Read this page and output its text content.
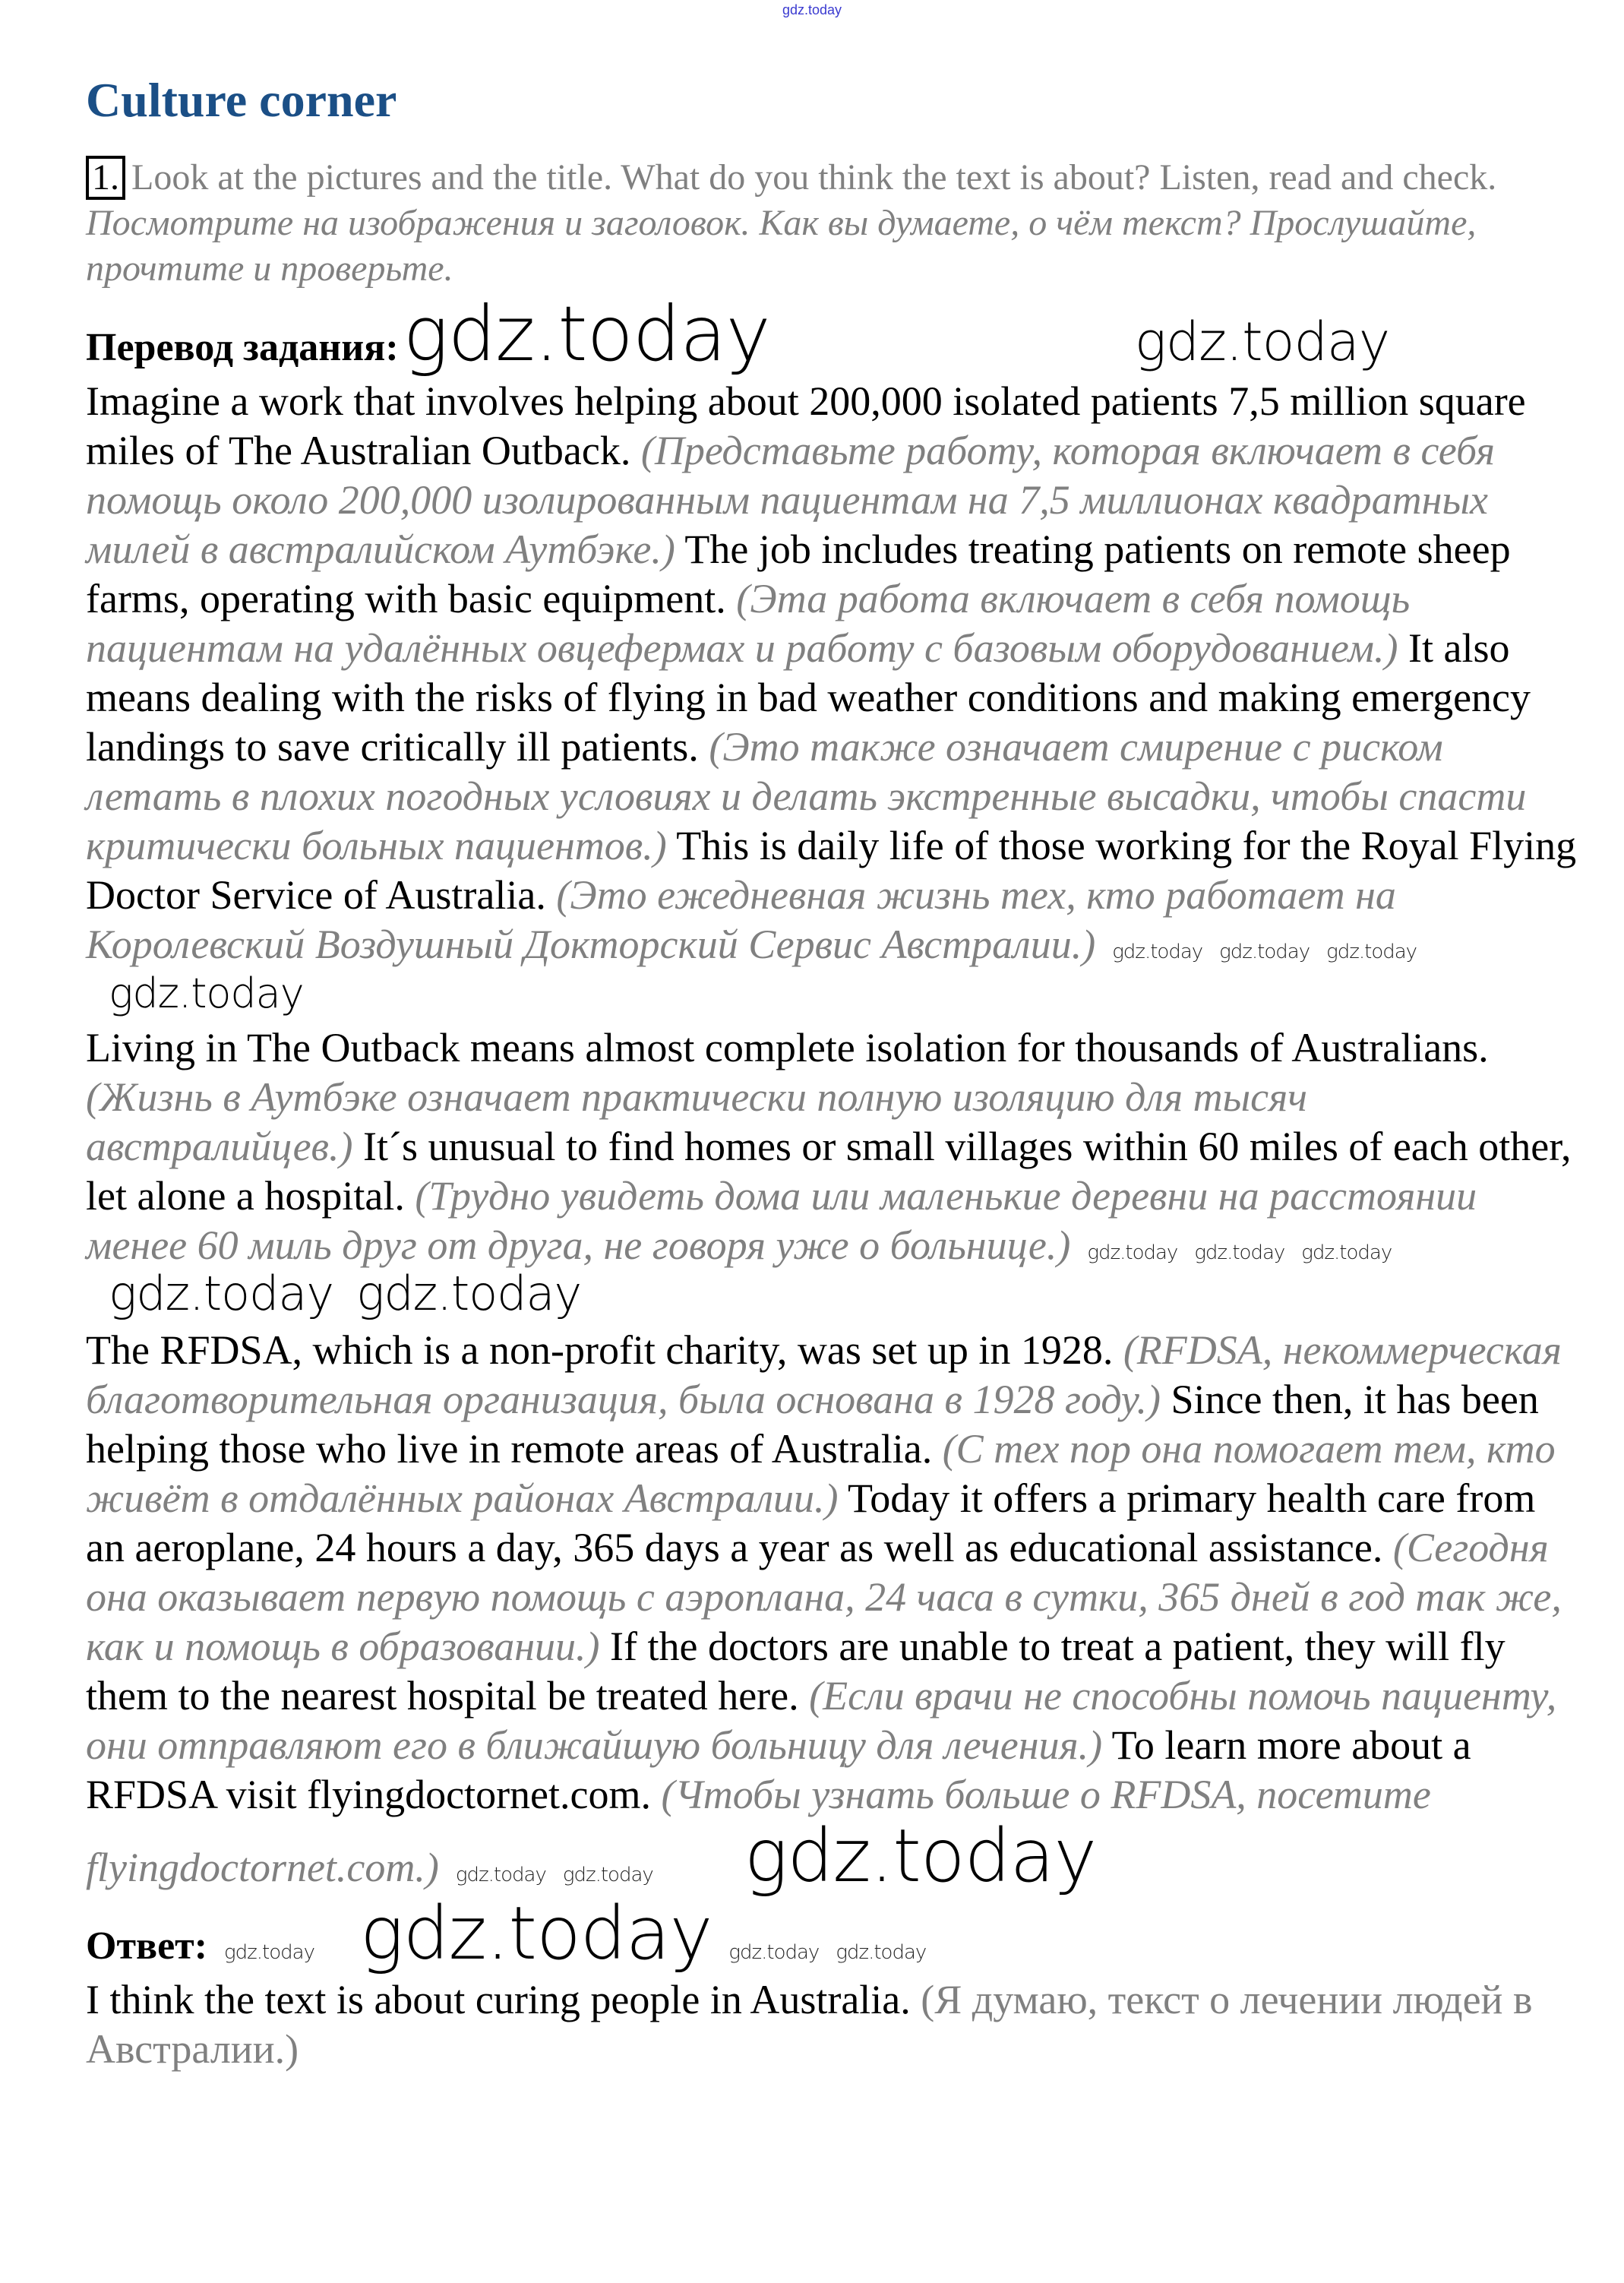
gdz.today
Culture corner
1. Look at the pictures and the title. What do you think the text is about? Listen, read and check.
Посмотрите на изображения и заголовок. Как вы думаете, о чём текст? Прослушайте, прочтите и проверьте.
Перевод задания:gdz.today	gdz.today
Imagine a work that involves helping about 200,000 isolated patients 7,5 million square miles of The Australian Outback. (Представьте работу, которая включает в себя помощь около 200,000 изолированным пациентам на 7,5 миллионах квадратных милей в австралийском Аутбэке.) The job includes treating patients on remote sheep farms, operating with basic equipment. (Эта работа включает в себя помощь пациентам на удалённых овцефермах и работу с базовым оборудованием.) It also means dealing with the risks of flying in bad weather conditions and making emergency landings to save critically ill patients. (Это также означает смирение с риском летать в плохих погодных условиях и делать экстренные высадки, чтобы спасти критически больных пациентов.) This is daily life of those working for the Royal Flying Doctor Service of Australia. (Это ежедневная жизнь тех, кто работает на Королевский Воздушный Докторский Сервис Австралии.) gdz.today gdz.today gdz.todaygdz.today
Living in The Outback means almost complete isolation for thousands of Australians. (Жизнь в Аутбэке означает практически полную изоляцию для тысяч австралийцев.) It´s unusual to find homes or small villages within 60 miles of each other, let alone a hospital. (Трудно увидеть дома или маленькие деревни на расстоянии менее 60 миль друг от друга, не говоря уже о больнице.) gdz.today gdz.today gdz.todaygdz.today gdz.today
The RFDSA, which is a non-profit charity, was set up in 1928. (RFDSA, некоммерческая благотворительная организация, была основана в 1928 году.) Since then, it has been helping those who live in remote areas of Australia. (С тех пор она помогает тем, кто живёт в отдалённых районах Австралии.) Today it offers a primary health care from an aeroplane, 24 hours a day, 365 days a year as well as educational assistance. (Сегодня она оказывает первую помощь с аэроплана, 24 часа в сутки, 365 дней в год так же, как и помощь в образовании.) If the doctors are unable to treat a patient, they will fly them to the nearest hospital be treated here. (Если врачи не способны помочь пациенту, они отправляют его в ближайшую больницу для лечения.) To learn more about a RFDSA visit flyingdoctornet.com. (Чтобы узнать больше о RFDSA, посетите flyingdoctornet.com.) gdz.today gdz.today gdz.today
Ответ: gdz.today gdz.today gdz.today gdz.today
I think the text is about curing people in Australia. (Я думаю, текст о лечении людей в Австралии.)
